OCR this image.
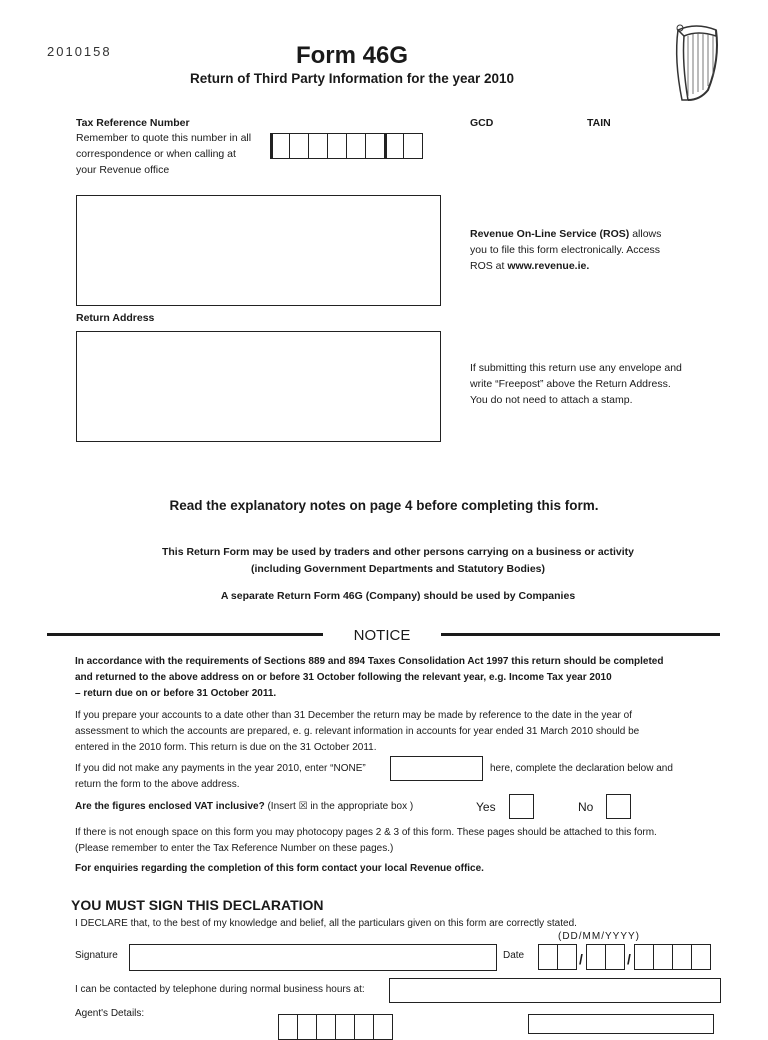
2010158	Form 46G
Return of Third Party Information for the year 2010
Tax Reference Number
Remember to quote this number in all
correspondence or when calling at
your Revenue office
GCD	TAIN

Revenue On-Line Service (ROS) allows

you to file this form electronically. Access

ROS at www.revenue.ie.

Return Address

If submitting this return use any envelope and

write “Freepost” above the Return Address.

You do not need to attach a stamp.

Read the explanatory notes on page 4 before completing this form.
This Return Form may be used by traders and other persons carrying on a business or activity
(including Government Departments and Statutory Bodies)
A separate Return Form 46G (Company) should be used by Companies
NOTICE

In accordance with the requirements of Sections 889 and 894 Taxes Consolidation Act 1997 this return should be completed

and returned to the above address on or before 31 October following the relevant year, e.g. Income Tax year 2010

– return due on or before 31 October 2011.

If you prepare your accounts to a date other than 31 December the return may be made by reference to the date in the year of

assessment to which the accounts are prepared, e. g. relevant information in accounts for year ended 31 March 2010 should be

entered in the 2010 form. This return is due on the 31 October 2011.

If you did not make any payments in the year 2010, enter “NONE”	here, complete the declaration below and
return the form to the above address.
Are the figures enclosed VAT inclusive? (Insert ☒ in the appropriate box )	Yes	No

If there is not enough space on this form you may photocopy pages 2 & 3 of this form. These pages should be attached to this form.

(Please remember to enter the Tax Reference Number on these pages.)

For enquiries regarding the completion of this form contact your local Revenue office.
YOU MUST SIGN THIS DECLARATION
I DECLARE that, to the best of my knowledge and belief, all the particulars given on this form are correctly stated.
(DD/MM/YYYY)
Signature	Date	/	/
I can be contacted by telephone during normal business hours at:
Agent's Details:
